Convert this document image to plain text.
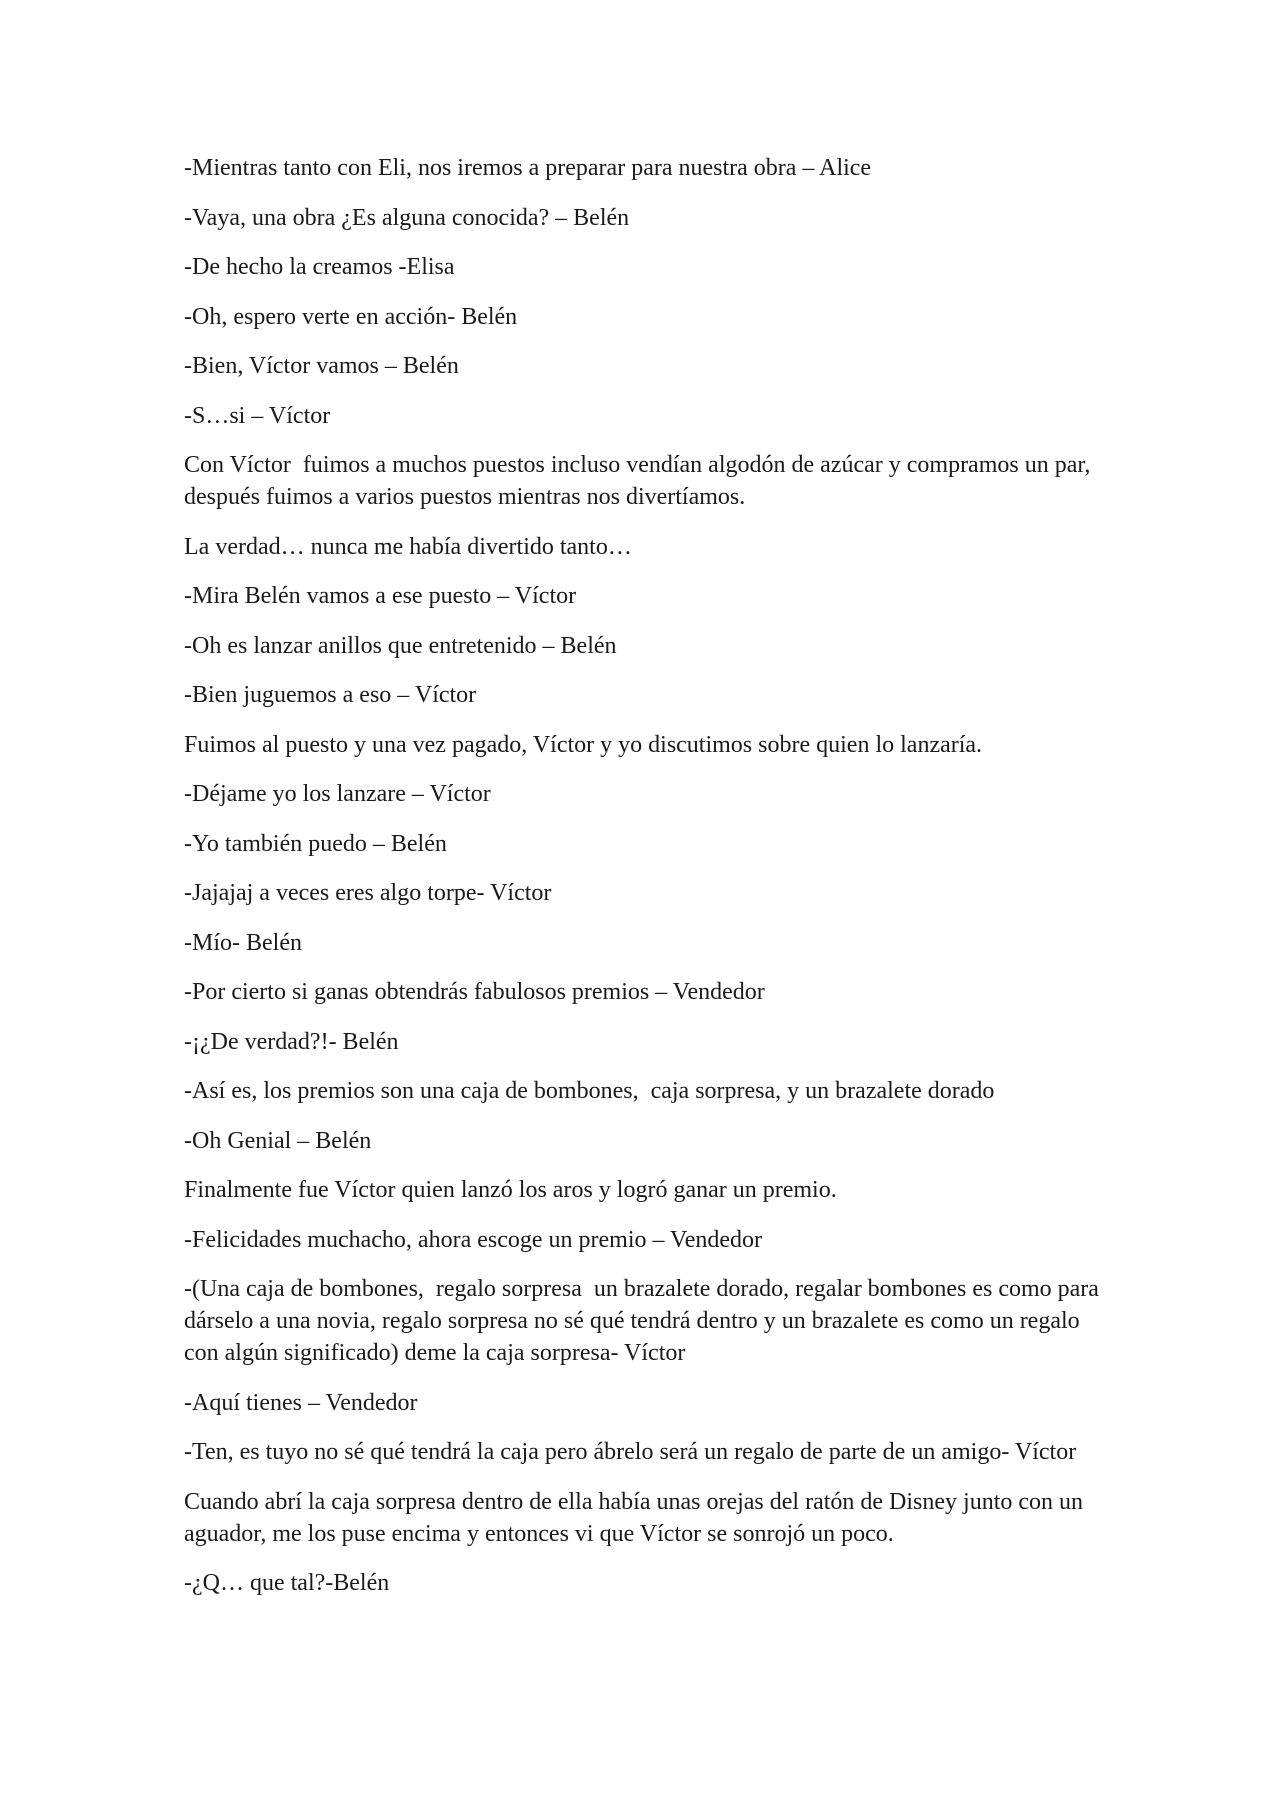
-Mientras tanto con Eli, nos iremos a preparar para nuestra obra – Alice

-Vaya, una obra ¿Es alguna conocida? – Belén

-De hecho la creamos -Elisa

-Oh, espero verte en acción- Belén

-Bien, Víctor vamos – Belén

-S…si – Víctor

Con Víctor  fuimos a muchos puestos incluso vendían algodón de azúcar y compramos un par, después fuimos a varios puestos mientras nos divertíamos.

La verdad… nunca me había divertido tanto…

-Mira Belén vamos a ese puesto – Víctor

-Oh es lanzar anillos que entretenido – Belén

-Bien juguemos a eso – Víctor

Fuimos al puesto y una vez pagado, Víctor y yo discutimos sobre quien lo lanzaría.

-Déjame yo los lanzare – Víctor

-Yo también puedo – Belén

-Jajajaj a veces eres algo torpe- Víctor

-Mío- Belén

-Por cierto si ganas obtendrás fabulosos premios – Vendedor

-¡¿De verdad?!- Belén

-Así es, los premios son una caja de bombones,  caja sorpresa, y un brazalete dorado

-Oh Genial – Belén

Finalmente fue Víctor quien lanzó los aros y logró ganar un premio.

-Felicidades muchacho, ahora escoge un premio – Vendedor

-(Una caja de bombones,  regalo sorpresa  un brazalete dorado, regalar bombones es como para dárselo a una novia, regalo sorpresa no sé qué tendrá dentro y un brazalete es como un regalo con algún significado) deme la caja sorpresa- Víctor

-Aquí tienes – Vendedor

-Ten, es tuyo no sé qué tendrá la caja pero ábrelo será un regalo de parte de un amigo- Víctor

Cuando abrí la caja sorpresa dentro de ella había unas orejas del ratón de Disney junto con un aguador, me los puse encima y entonces vi que Víctor se sonrojó un poco.

-¿Q… que tal?-Belén
